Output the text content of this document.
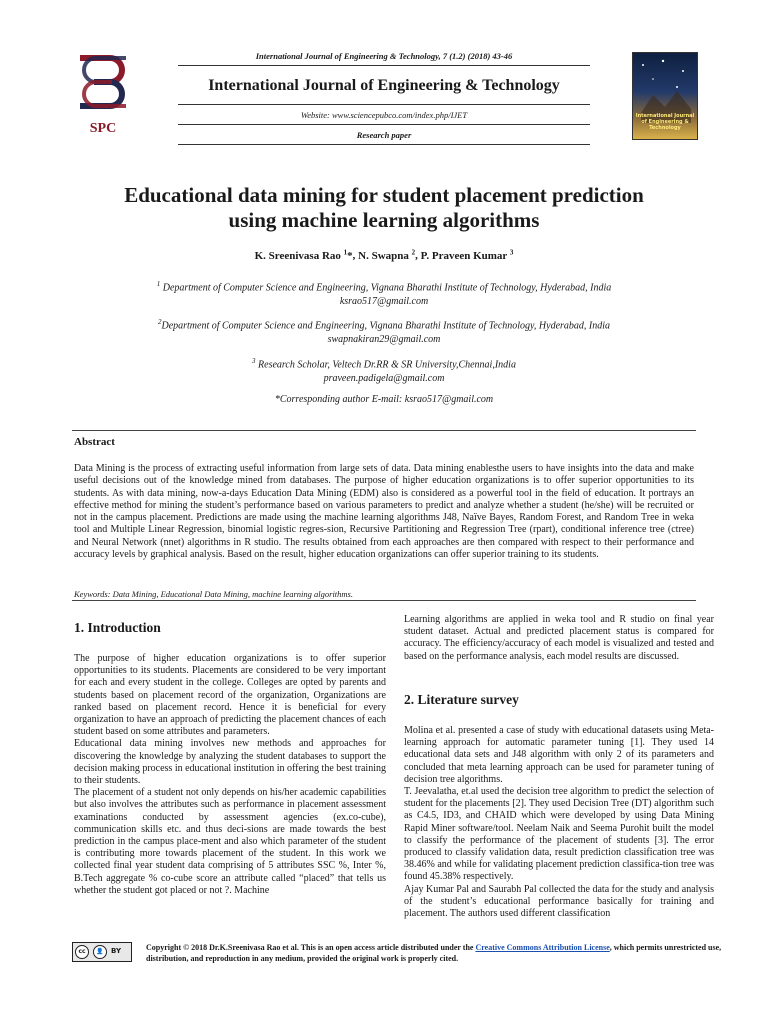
International Journal of Engineering & Technology, 7 (1.2) (2018) 43-46
International Journal of Engineering & Technology
Website: www.sciencepubco.com/index.php/IJET
Research paper
SPC
International Journal of Engineering & Technology
Educational data mining for student placement prediction
using machine learning algorithms
K. Sreenivasa Rao $^1$*, N. Swapna $^2$, P. Praveen Kumar $^3$
$^1$ Department of Computer Science and Engineering, Vignana Bharathi Institute of Technology, Hyderabad, India
ksrao517@gmail.com
$^2$Department of Computer Science and Engineering, Vignana Bharathi Institute of Technology, Hyderabad, India
swapnakiran29@gmail.com
$^3$ Research Scholar, Veltech Dr.RR & SR University,Chennai,India
praveen.padigela@gmail.com
*Corresponding author E-mail: ksrao517@gmail.com
Abstract
Data Mining is the process of extracting useful information from large sets of data. Data mining enablesthe users to have insights into the data and make useful decisions out of the knowledge mined from databases. The purpose of higher education organizations is to offer superior opportunities to its students. As with data mining, now-a-days Education Data Mining (EDM) also is considered as a powerful tool in the field of education. It portrays an effective method for mining the student’s performance based on various parameters to predict and analyze whether a student (he/she) will be recruited or not in the campus placement. Predictions are made using the machine learning algorithms J48, Naïve Bayes, Random Forest, and Random Tree in weka tool and Multiple Linear Regression, binomial logistic regres-sion, Recursive Partitioning and Regression Tree (rpart), conditional inference tree (ctree) and Neural Network (nnet) algorithms in R studio. The results obtained from each approaches are then compared with respect to their performance and accuracy levels by graphical analysis. Based on the result, higher education organizations can offer superior training to its students.
Keywords: Data Mining, Educational Data Mining, machine learning algorithms.
1. Introduction

The purpose of higher education organizations is to offer superior opportunities to its students. Placements are considered to be very important for each and every student in the college. Colleges are opted by parents and students based on placement record of the organization, Organizations are ranked based on placement record. Hence it is beneficial for every organization to have an approach of predicting the placement chances of each student based on some attributes and parameters.

Educational data mining involves new methods and approaches for discovering the knowledge by analyzing the student databases to support the decision making process in educational institution in offering the best training to their students.

The placement of a student not only depends on his/her academic capabilities but also involves the attributes such as performance in placement assessment examinations conducted by assessment agencies (ex.co-cube), communication skills etc. and thus deci-sions are made towards the best prediction in the campus place-ment and also which parameter of the student is contributing more towards placement of the student. In this work we collected final year student data comprising of 5 attributes SSC %, Inter %, B.Tech aggregate % co-cube score an attribute called “placed” that tells us whether the student got placed or not ?. Machine

Learning algorithms are applied in weka tool and R studio on final year student dataset. Actual and predicted placement status is compared for accuracy. The efficiency/accuracy of each model is visualized and tested and based on the performance analysis, each model results are discussed.
2. Literature survey

Molina et al. presented a case of study with educational datasets using Meta-learning approach for automatic parameter tuning [1]. They used 14 educational data sets and J48 algorithm with only 2 of its parameters and concluded that meta learning approach can be used for parameter tuning of decision tree algorithms.

T. Jeevalatha, et.al used the decision tree algorithm to predict the selection of student for the placements [2]. They used Decision Tree (DT) algorithm such as C4.5, ID3, and CHAID which were developed by using Data Mining Rapid Miner software/tool. Neelam Naik and Seema Purohit built the model to classify the performance of the placement of students [3]. The error produced to classify validation data, result prediction classification tree was 38.46% and while for validating placement prediction classifica-tion tree was found 45.38% respectively.

Ajay Kumar Pal and Saurabh Pal collected the data for the study and analysis of the student’s educational performance basically for training and placement. The authors used different classification

cc	👤	BY	Copyright © 2018 Dr.K.Sreenivasa Rao et al. This is an open access article distributed under the Creative Commons Attribution License, which permits unrestricted use, distribution, and reproduction in any medium, provided the original work is properly cited.
